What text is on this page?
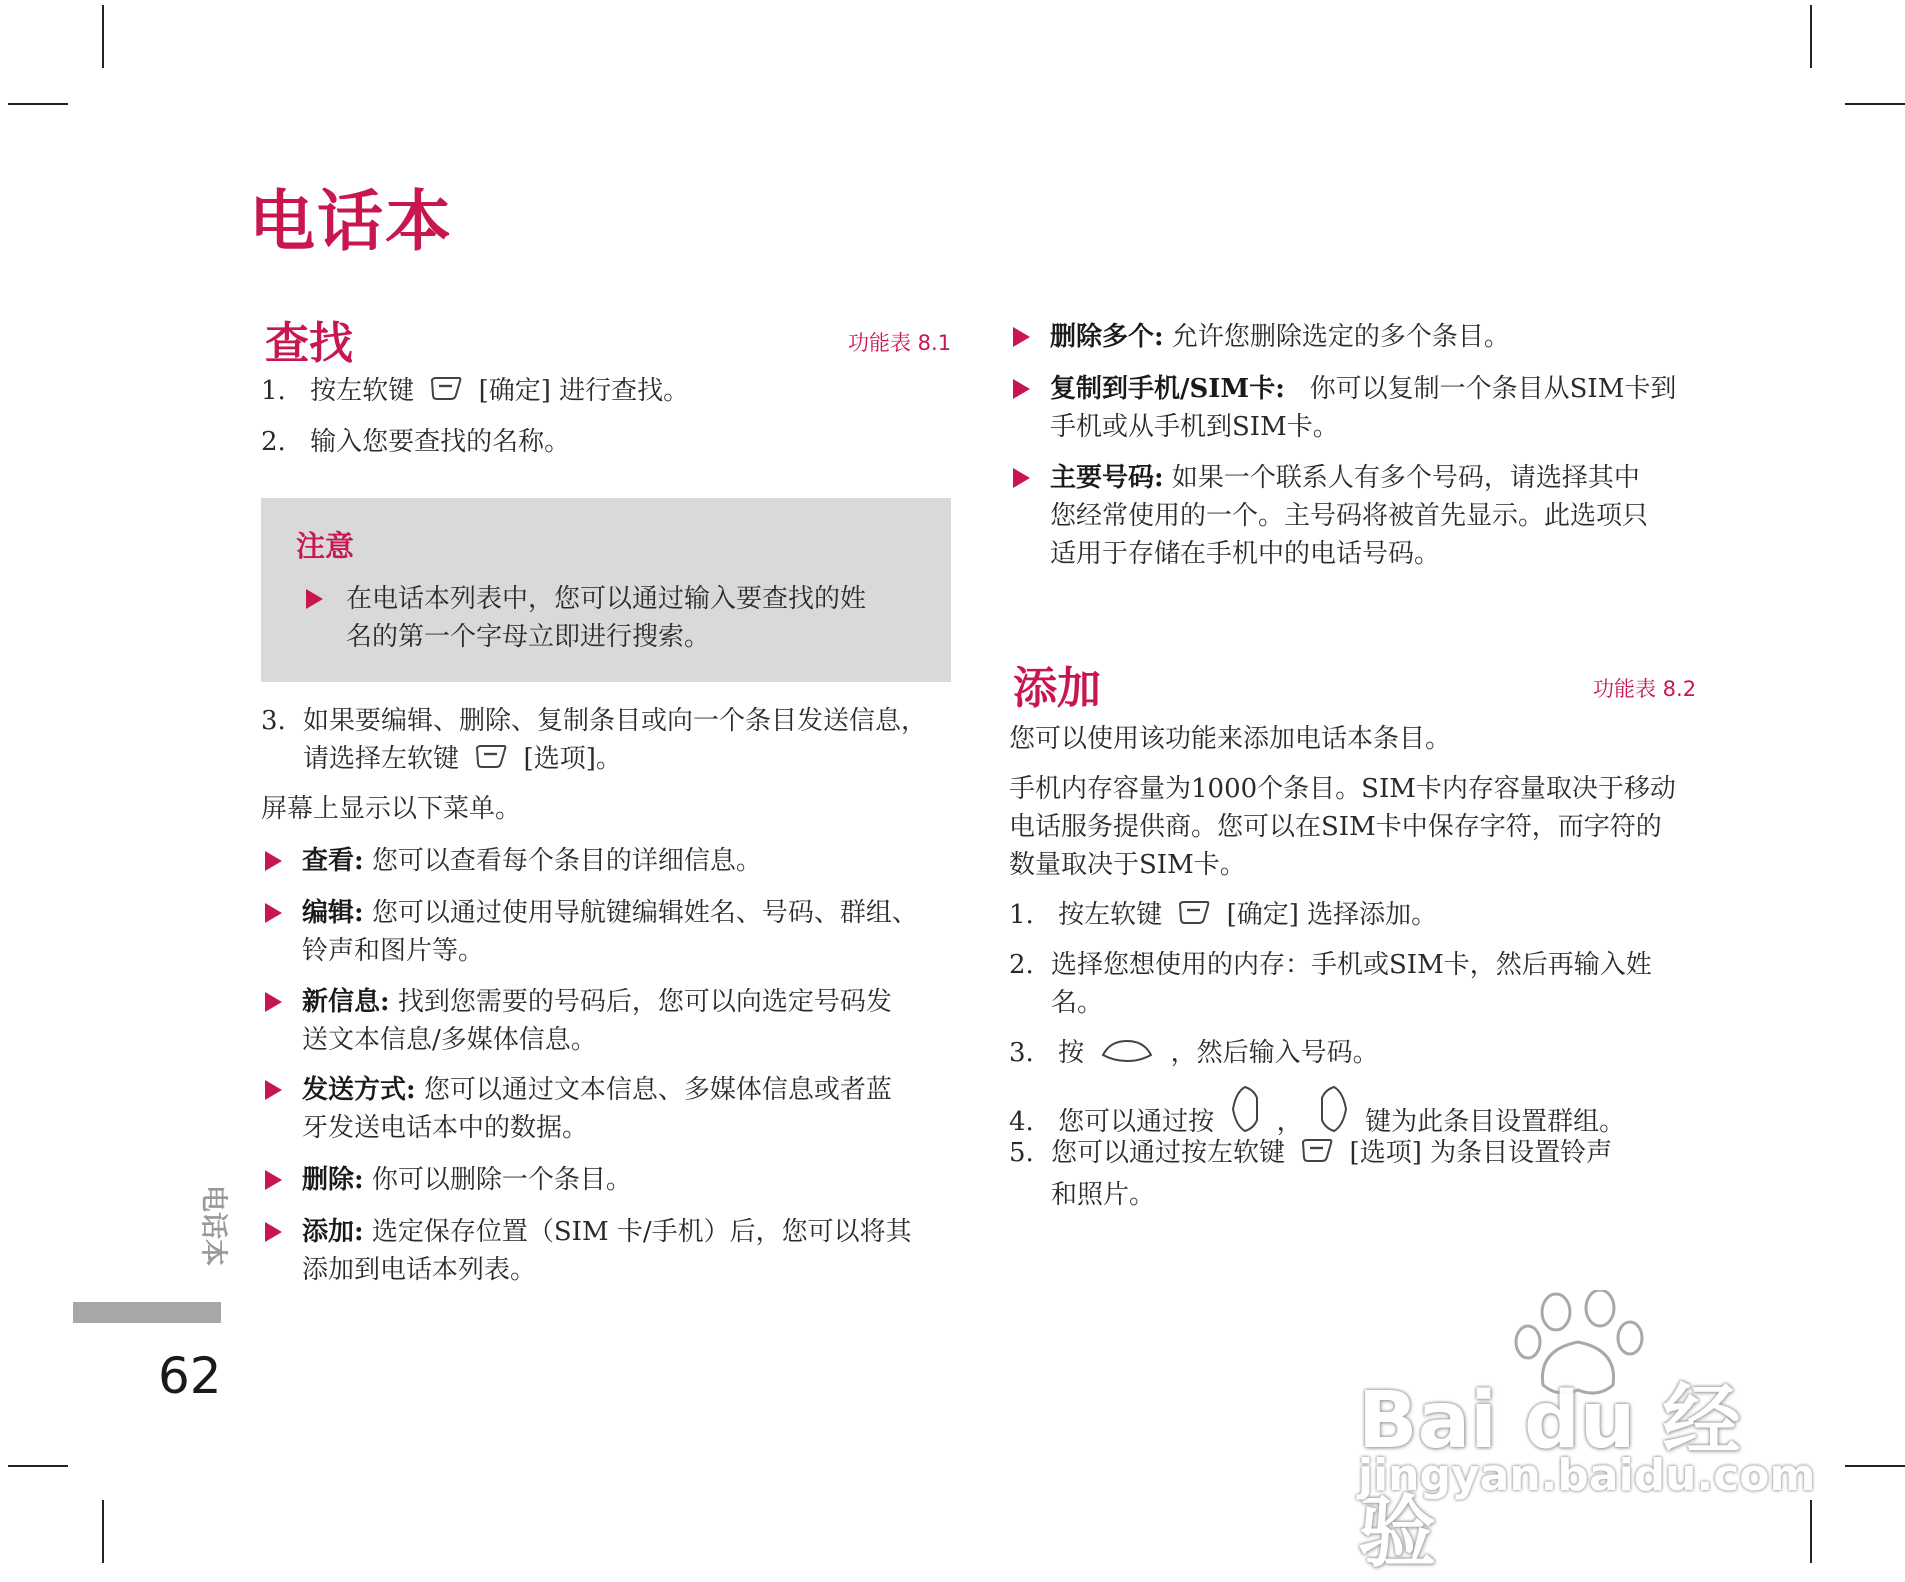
电话本
查找	功能表 8.1
1. 按左软键 [确定] 进行查找。
2. 输入您要查找的名称。
注意
在电话本列表中，您可以通过输入要查找的姓
名的第一个字母立即进行搜索。
3. 如果要编辑、删除、复制条目或向一个条目发送信息，
请选择左软键 [选项]。
屏幕上显示以下菜单。
查看: 您可以查看每个条目的详细信息。
编辑: 您可以通过使用导航键编辑姓名、号码、群组、
铃声和图片等。
新信息: 找到您需要的号码后，您可以向选定号码发
送文本信息/多媒体信息。
发送方式: 您可以通过文本信息、多媒体信息或者蓝
牙发送电话本中的数据。
删除: 你可以删除一个条目。
添加: 选定保存位置（SIM 卡/手机）后，您可以将其
添加到电话本列表。
删除多个: 允许您删除选定的多个条目。
复制到手机/SIM卡:   你可以复制一个条目从SIM卡到
手机或从手机到SIM卡。
主要号码: 如果一个联系人有多个号码，请选择其中
您经常使用的一个。主号码将被首先显示。此选项只
适用于存储在手机中的电话号码。
添加	功能表 8.2
您可以使用该功能来添加电话本条目。
手机内存容量为1000个条目。SIM卡内存容量取决于移动
电话服务提供商。您可以在SIM卡中保存字符，而字符的
数量取决于SIM卡。
1. 按左软键 [确定] 选择添加。
2. 选择您想使用的内存：手机或SIM卡，然后再输入姓
名。
3. 按	，然后输入号码。
4. 您可以通过按 ， 键为此条目设置群组。
5. 您可以通过按左软键 [选项] 为条目设置铃声
和照片。
电话本
62	Bai du 经验
jingyan.baidu.com
